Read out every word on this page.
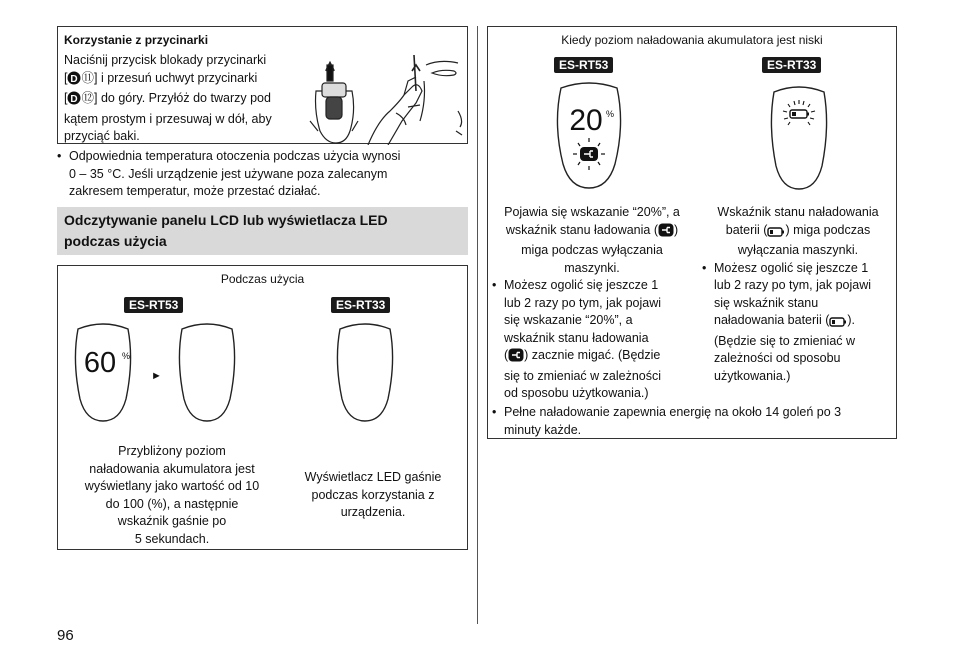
Korzystanie z przycinarki
Naciśnij przycisk blokady przycinarki
[ D ⑪] i przesuń uchwyt przycinarki
[ D ⑫] do góry. Przyłóż do twarzy pod
kątem prostym i przesuwaj w dół, aby
przyciąć baki.
• Odpowiednia temperatura otoczenia podczas użycia wynosi
0 – 35 °C. Jeśli urządzenie jest używane poza zalecanym
zakresem temperatur, może przestać działać.
Odczytywanie panelu LCD lub wyświetlacza LED
podczas użycia
Podczas użycia
ES-RT53	ES-RT33
60 %
►
Przybliżony poziom
naładowania akumulatora jest
wyświetlany jako wartość od 10
do 100 (%), a następnie
wskaźnik gaśnie po
5 sekundach.
Wyświetlacz LED gaśnie
podczas korzystania z
urządzenia.
96
Kiedy poziom naładowania akumulatora jest niski
ES-RT53	ES-RT33
20 %
Pojawia się wskazanie “20%”, a
wskaźnik stanu ładowania ( )
miga podczas wyłączania
maszynki.
• Możesz ogolić się jeszcze 1
lub 2 razy po tym, jak pojawi
się wskazanie “20%”, a
wskaźnik stanu ładowania
( ) zacznie migać. (Będzie
się to zmieniać w zależności
od sposobu użytkowania.)
Wskaźnik stanu naładowania
baterii ( ) miga podczas
wyłączania maszynki.
• Możesz ogolić się jeszcze 1
lub 2 razy po tym, jak pojawi
się wskaźnik stanu
naładowania baterii ( ).
(Będzie się to zmieniać w
zależności od sposobu
użytkowania.)
• Pełne naładowanie zapewnia energię na około 14 goleń po 3
minuty każde.
